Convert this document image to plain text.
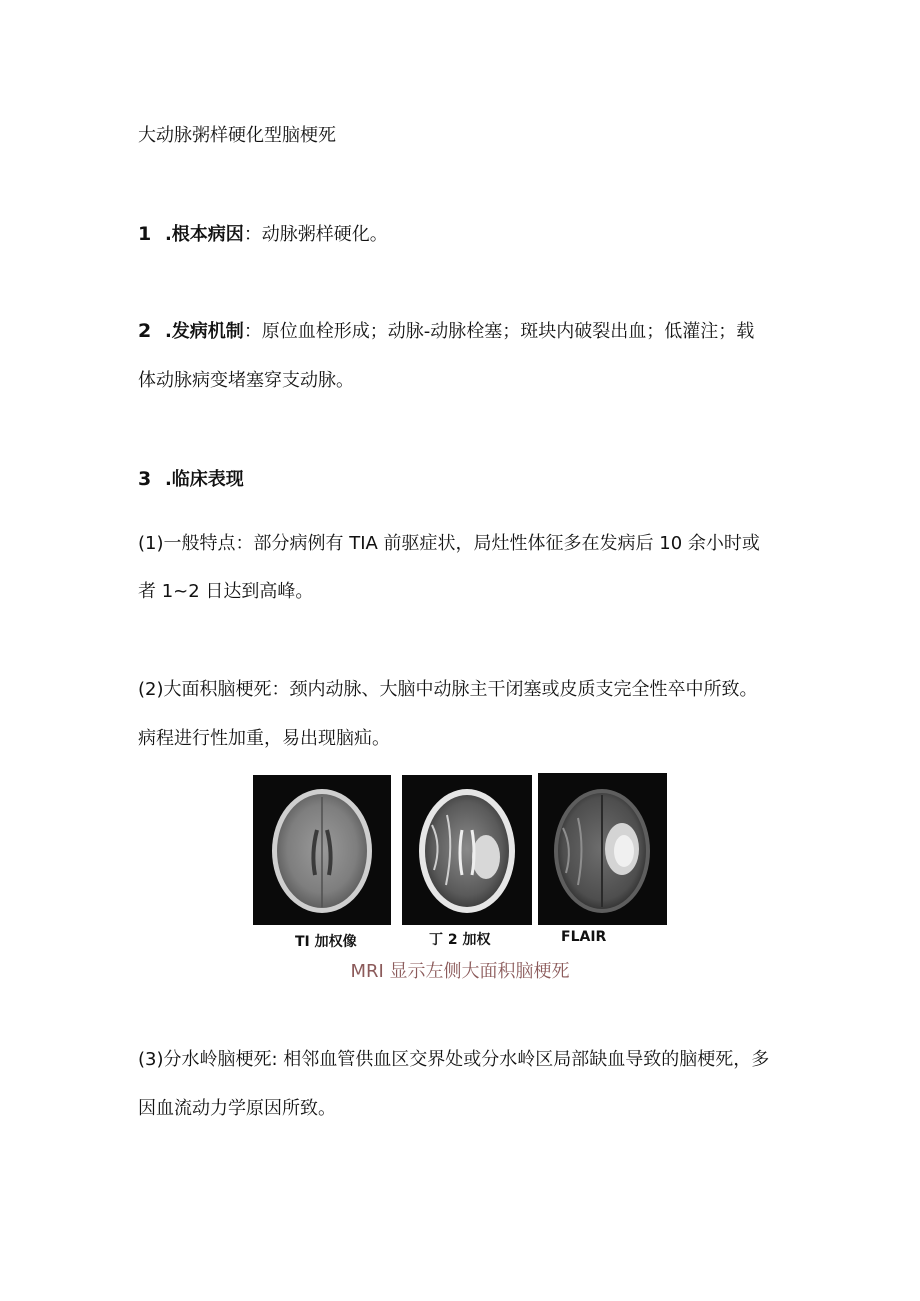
大动脉粥样硬化型脑梗死
1 .根本病因：动脉粥样硬化。
2 .发病机制：原位血栓形成；动脉-动脉栓塞；斑块内破裂出血；低灌注；载
体动脉病变堵塞穿支动脉。
3 .临床表现
(1)一般特点：部分病例有 TIA 前驱症状，局灶性体征多在发病后 10 余小时或
者 1~2 日达到高峰。
(2)大面积脑梗死：颈内动脉、大脑中动脉主干闭塞或皮质支完全性卒中所致。
病程进行性加重，易出现脑疝。
TI 加权像	丁 2 加权	FLAIR
MRI 显示左侧大面积脑梗死
(3)分水岭脑梗死: 相邻血管供血区交界处或分水岭区局部缺血导致的脑梗死，多
因血流动力学原因所致。
